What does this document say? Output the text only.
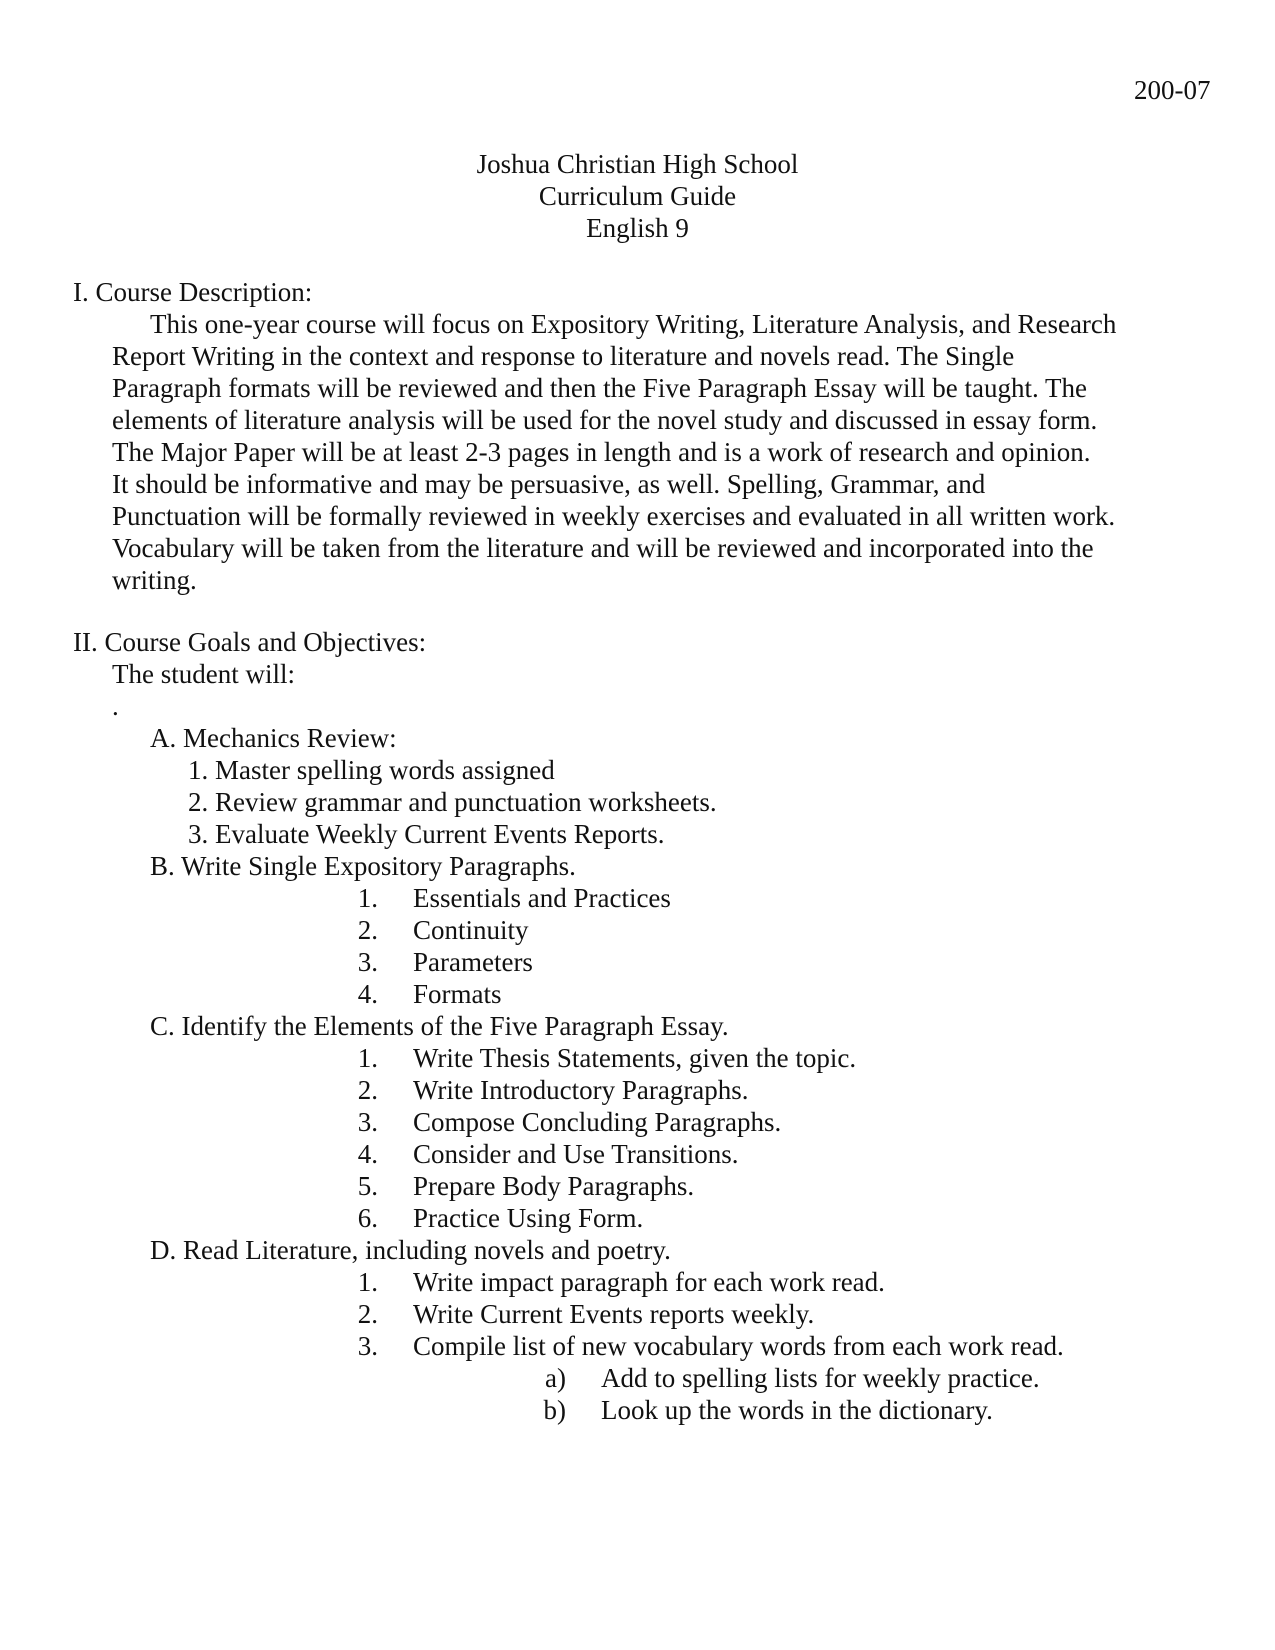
200-07
Joshua Christian High School
Curriculum Guide
English 9
I. Course Description:
This one-year course will focus on Expository Writing, Literature Analysis, and Research
Report Writing in the context and response to literature and novels read. The Single
Paragraph formats will be reviewed and then the Five Paragraph Essay will be taught. The
elements of literature analysis will be used for the novel study and discussed in essay form.
The Major Paper will be at least 2-3 pages in length and is a work of research and opinion.
It should be informative and may be persuasive, as well. Spelling, Grammar, and
Punctuation will be formally reviewed in weekly exercises and evaluated in all written work.
Vocabulary will be taken from the literature and will be reviewed and incorporated into the
writing.
II. Course Goals and Objectives:
The student will:
.
A. Mechanics Review:
1. Master spelling words assigned
2. Review grammar and punctuation worksheets.
3. Evaluate Weekly Current Events Reports.
B. Write Single Expository Paragraphs.
1. Essentials and Practices
2. Continuity
3. Parameters
4. Formats
C. Identify the Elements of the Five Paragraph Essay.
1. Write Thesis Statements, given the topic.
2. Write Introductory Paragraphs.
3. Compose Concluding Paragraphs.
4. Consider and Use Transitions.
5. Prepare Body Paragraphs.
6. Practice Using Form.
D. Read Literature, including novels and poetry.
1. Write impact paragraph for each work read.
2. Write Current Events reports weekly.
3. Compile list of new vocabulary words from each work read.
a) Add to spelling lists for weekly practice.
b) Look up the words in the dictionary.
